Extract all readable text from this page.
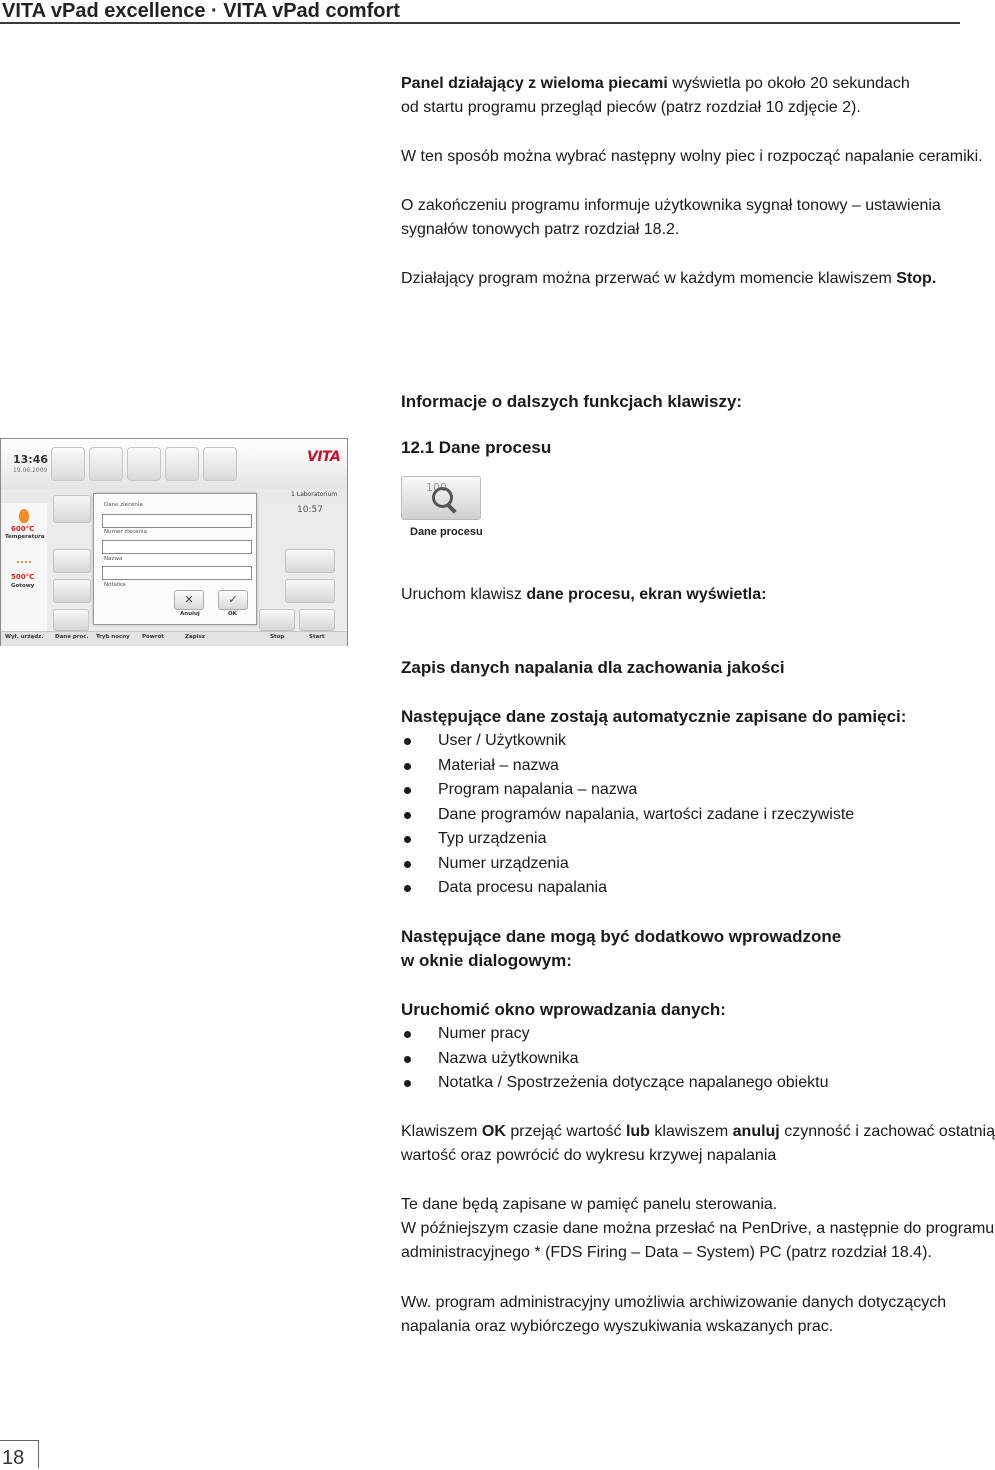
VITA vPad excellence · VITA vPad comfort
Panel działający z wieloma piecami wyświetla po około 20 sekundach
od startu programu przegląd pieców (patrz rozdział 10 zdjęcie 2).
W ten sposób można wybrać następny wolny piec i rozpocząć napalanie ceramiki.
O zakończeniu programu informuje użytkownika sygnał tonowy – ustawienia
sygnałów tonowych patrz rozdział 18.2.
Działający program można przerwać w każdym momencie klawiszem Stop.
Informacje o dalszych funkcjach klawiszy:
12.1 Dane procesu
100
Dane procesu
Uruchom klawisz dane procesu, ekran wyświetla:
13:46
19.06.2009
VITA
1 Laboratorium
600°C
Temperatura
500°C
Gotowy
10:57
Dane zlecenia
Numer zlecenia
Nazwa
Notatka
✕	✓
Anuluj	OK
Wył. urządz. Dane proc. Tryb nocny Powrót	Zapisz	Stop	Start
Zapis danych napalania dla zachowania jakości
Następujące dane zostają automatycznie zapisane do pamięci:
User / Użytkownik
Materiał – nazwa
Program napalania – nazwa
Dane programów napalania, wartości zadane i rzeczywiste
Typ urządzenia
Numer urządzenia
Data procesu napalania
Następujące dane mogą być dodatkowo wprowadzone
w oknie dialogowym:
Uruchomić okno wprowadzania danych:
Numer pracy
Nazwa użytkownika
Notatka / Spostrzeżenia dotyczące napalanego obiektu
Klawiszem OK przejąć wartość lub klawiszem anuluj czynność i zachować ostatnią
wartość oraz powrócić do wykresu krzywej napalania
Te dane będą zapisane w pamięć panelu sterowania.
W późniejszym czasie dane można przesłać na PenDrive, a następnie do programu
administracyjnego * (FDS Firing – Data – System) PC (patrz rozdział 18.4).
Ww. program administracyjny umożliwia archiwizowanie danych dotyczących
napalania oraz wybiórczego wyszukiwania wskazanych prac.
18
